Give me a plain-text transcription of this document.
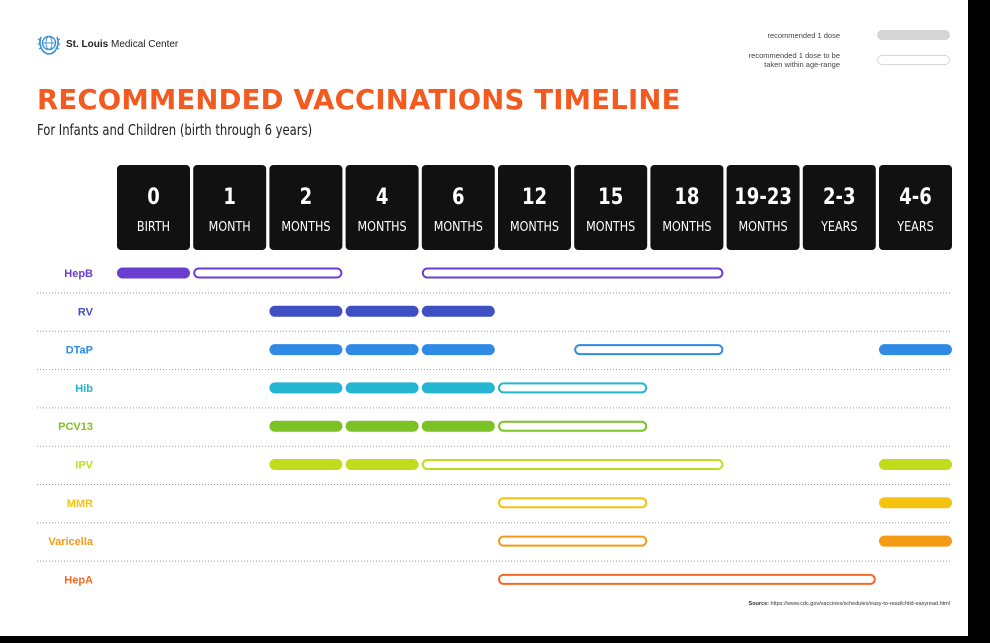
St. Louis Medical Center
recommended 1 dose
recommended 1 dose to be
taken within age-range
RECOMMENDED VACCINATIONS TIMELINE
For Infants and Children (birth through 6 years)
0
BIRTH
1
MONTH
2
MONTHS
4
MONTHS
6
MONTHS
12
MONTHS
15
MONTHS
18
MONTHS
19-23
MONTHS
2-3
YEARS
4-6
YEARS
HepB
RV
DTaP
Hib
PCV13
IPV
MMR
Varicella
HepA
Source: https://www.cdc.gov/vaccines/schedules/easy-to-read/child-easyread.html
